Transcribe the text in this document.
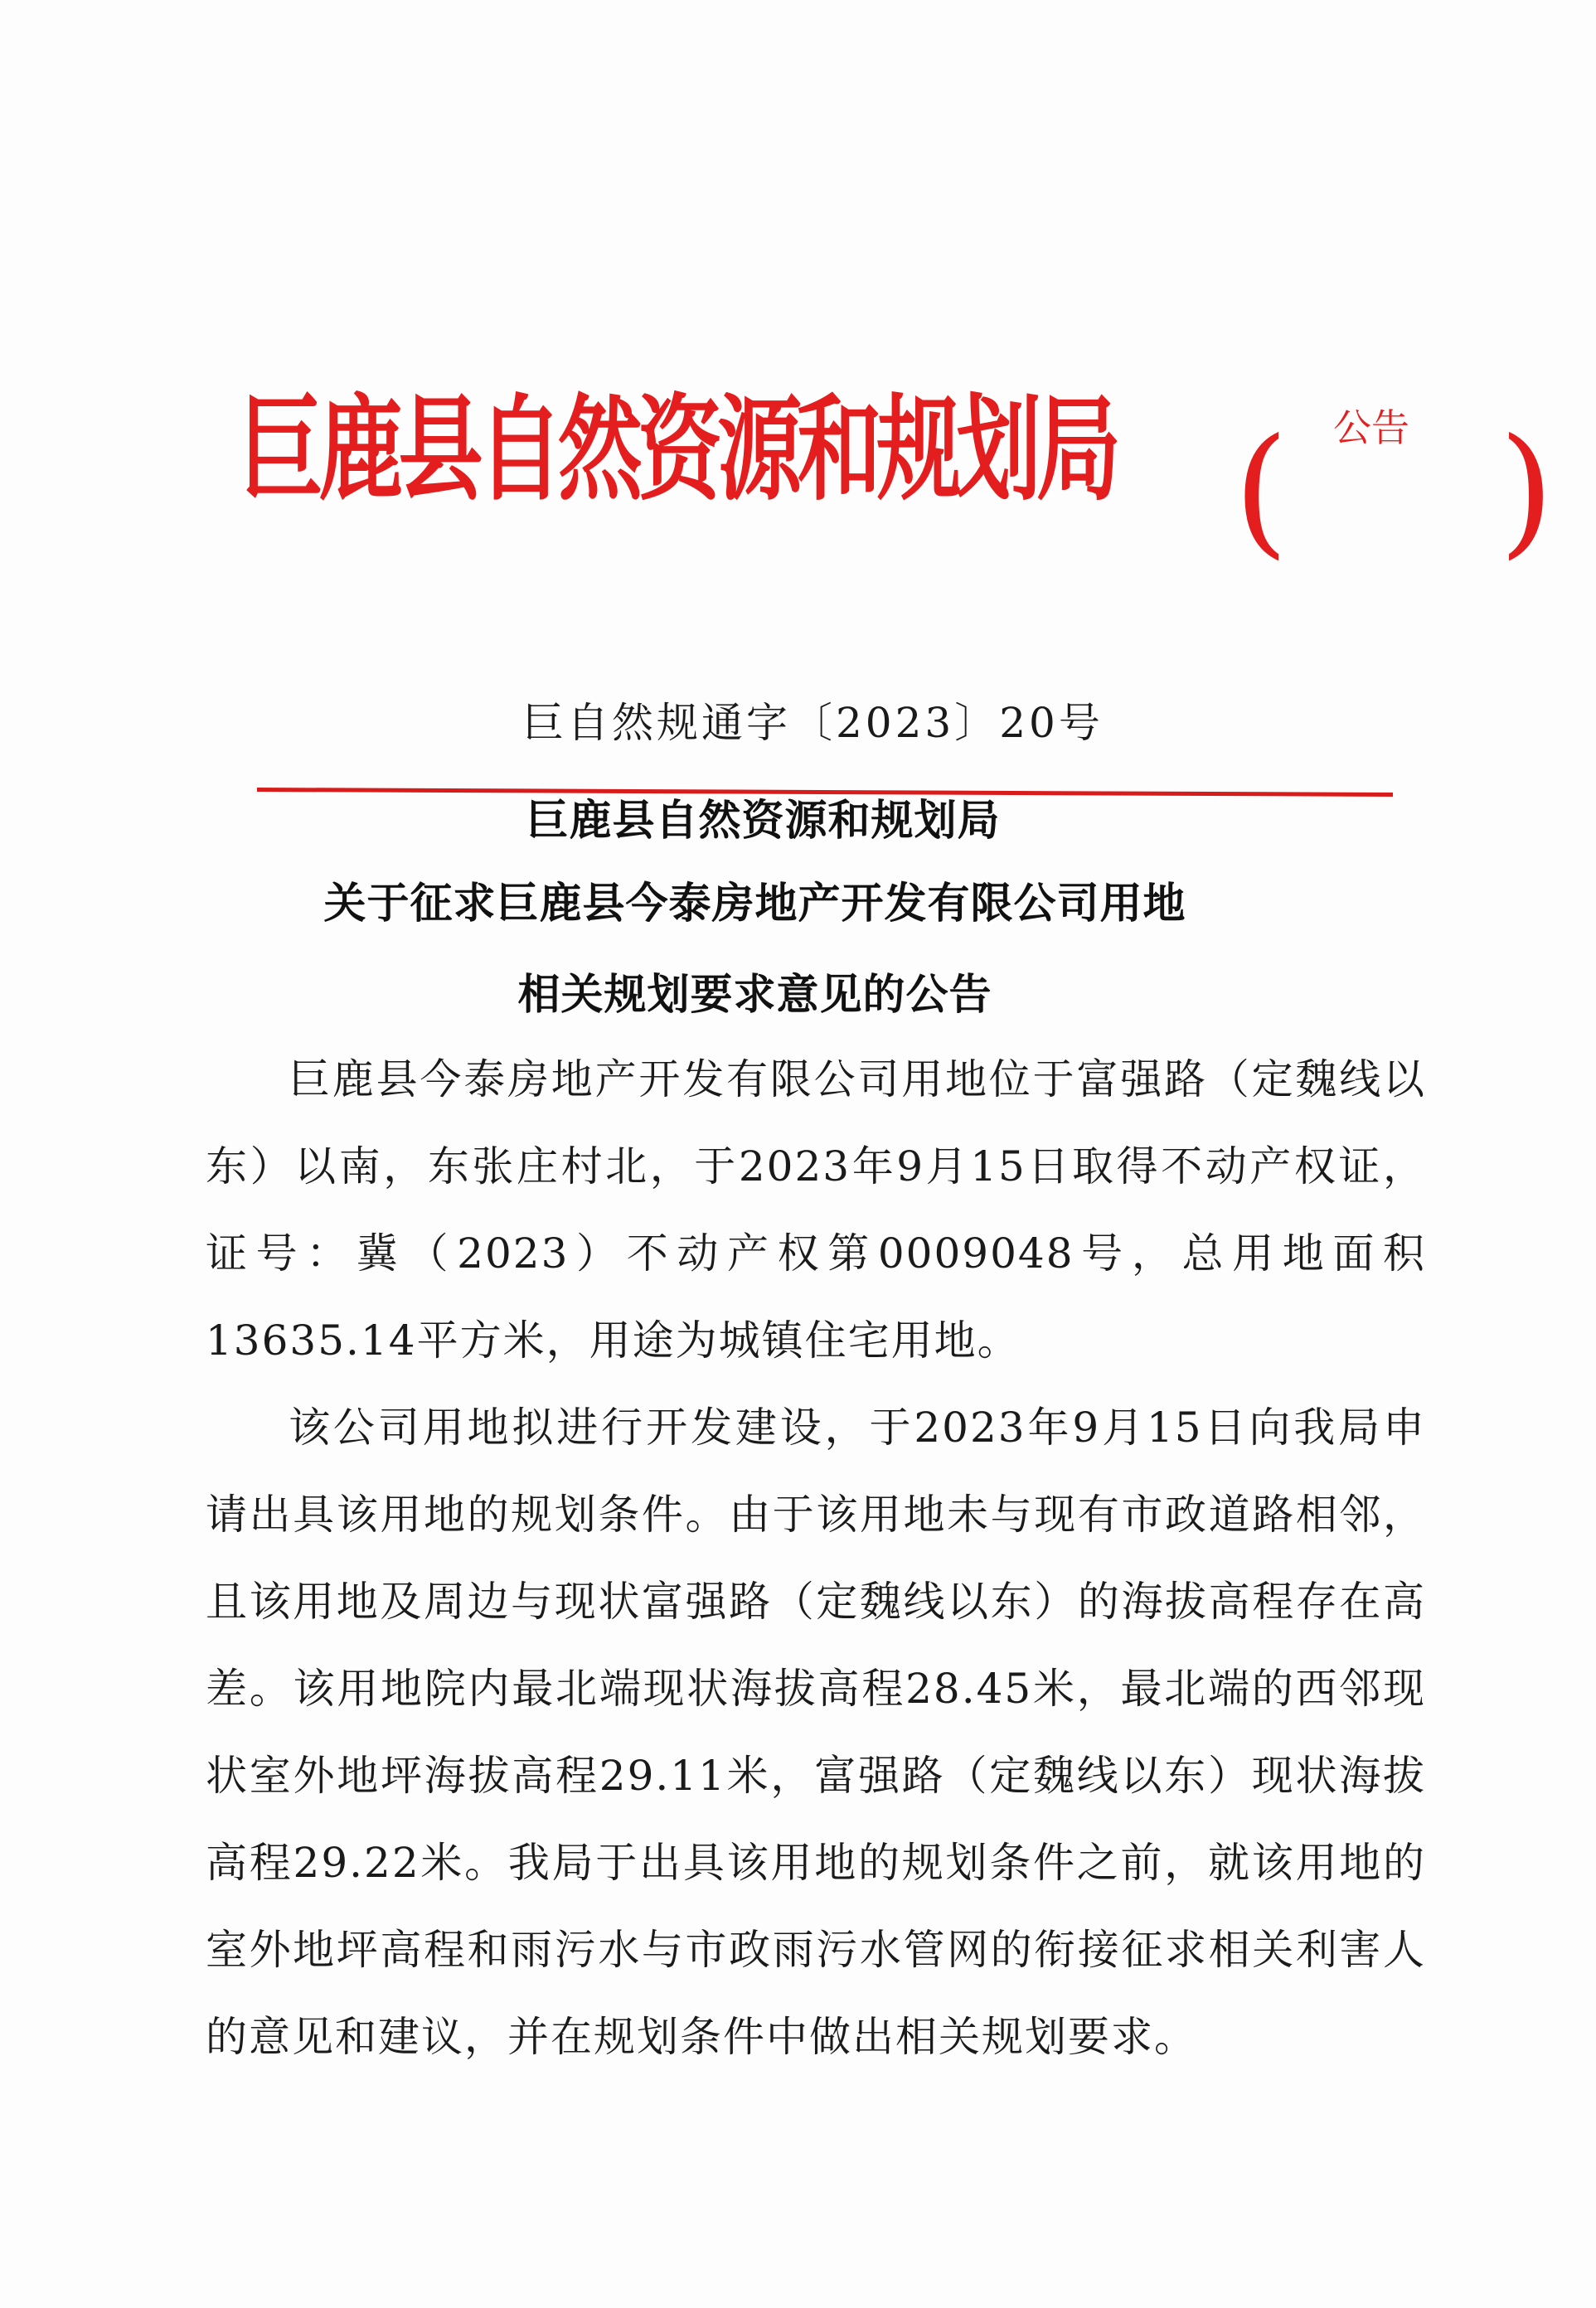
巨鹿县自然资源和规划局 ( 公告 )
巨自然规通字〔2023〕20号
巨鹿县自然资源和规划局
关于征求巨鹿县今泰房地产开发有限公司用地
相关规划要求意见的公告

巨鹿县今泰房地产开发有限公司用地位于富强路（定魏线以东）以南，东张庄村北，于2023年9月15日取得不动产权证，证号：冀（2023）不动产权第0009048号，总用地面积13635.14平方米，用途为城镇住宅用地。

该公司用地拟进行开发建设，于2023年9月15日向我局申请出具该用地的规划条件。由于该用地未与现有市政道路相邻，且该用地及周边与现状富强路（定魏线以东）的海拔高程存在高差。该用地院内最北端现状海拔高程28.45米，最北端的西邻现状室外地坪海拔高程29.11米，富强路（定魏线以东）现状海拔高程29.22米。我局于出具该用地的规划条件之前，就该用地的室外地坪高程和雨污水与市政雨污水管网的衔接征求相关利害人的意见和建议，并在规划条件中做出相关规划要求。
